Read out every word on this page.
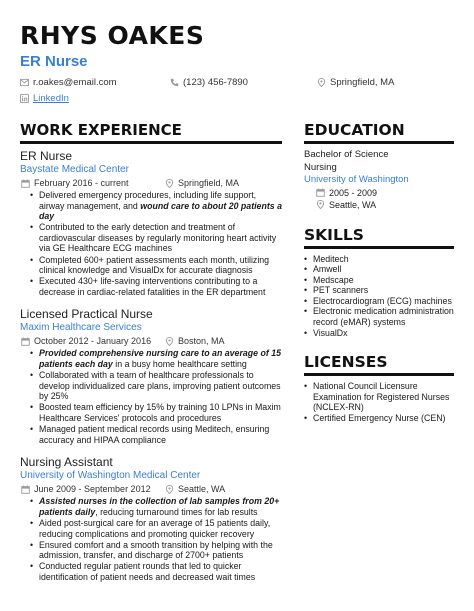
RHYS OAKES
ER Nurse
r.oakes@email.com	(123) 456-7890	Springfield, MA
LinkedIn
WORK EXPERIENCE
ER Nurse
Baystate Medical Center
February 2016 - current	Springfield, MA
• Delivered emergency procedures, including life support, airway management, and wound care to about 20 patients a day
• Contributed to the early detection and treatment of cardiovascular diseases by regularly monitoring heart activity via GE Healthcare ECG machines
• Completed 600+ patient assessments each month, utilizing clinical knowledge and VisualDx for accurate diagnosis
• Executed 430+ life-saving interventions contributing to a decrease in cardiac-related fatalities in the ER department
Licensed Practical Nurse
Maxim Healthcare Services
October 2012 - January 2016	Boston, MA
• Provided comprehensive nursing care to an average of 15 patients each day in a busy home healthcare setting
• Collaborated with a team of healthcare professionals to develop individualized care plans, improving patient outcomes by 25%
• Boosted team efficiency by 15% by training 10 LPNs in Maxim Healthcare Services' protocols and procedures
• Managed patient medical records using Meditech, ensuring accuracy and HIPAA compliance
Nursing Assistant
University of Washington Medical Center
June 2009 - September 2012	Seattle, WA
• Assisted nurses in the collection of lab samples from 20+ patients daily, reducing turnaround times for lab results
• Aided post-surgical care for an average of 15 patients daily, reducing complications and promoting quicker recovery
• Ensured comfort and a smooth transition by helping with the admission, transfer, and discharge of 2700+ patients
• Conducted regular patient rounds that led to quicker identification of patient needs and decreased wait times
EDUCATION
Bachelor of Science
Nursing
University of Washington
2005 - 2009
Seattle, WA
SKILLS
• Meditech
• Amwell
• Medscape
• PET scanners
• Electrocardiogram (ECG) machines
• Electronic medication administration record (eMAR) systems
• VisualDx
LICENSES
• National Council Licensure Examination for Registered Nurses (NCLEX-RN)
• Certified Emergency Nurse (CEN)
